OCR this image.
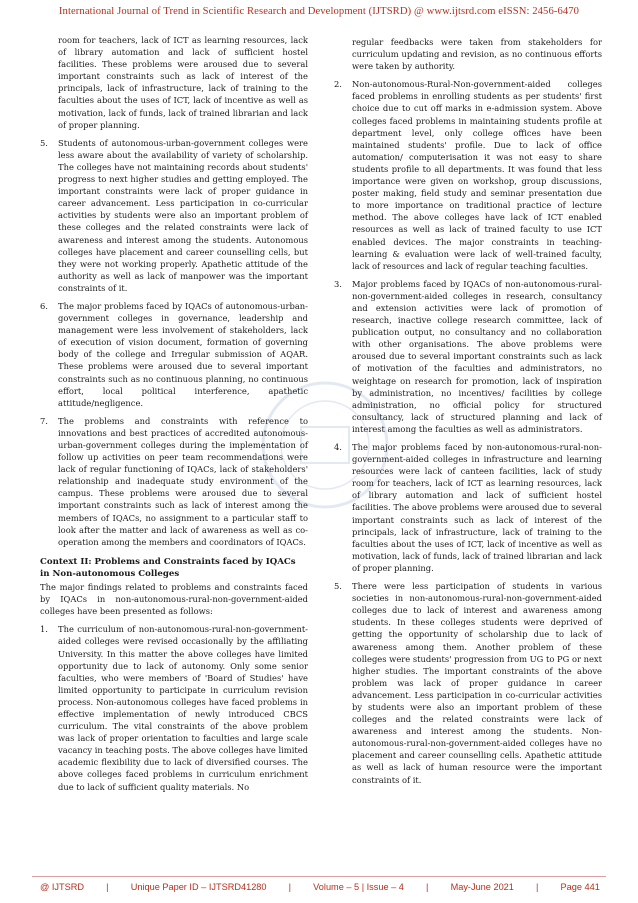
International Journal of Trend in Scientific Research and Development (IJTSRD) @ www.ijtsrd.com eISSN: 2456-6470

room for teachers, lack of ICT as learning resources, lack of library automation and lack of sufficient hostel facilities. These problems were aroused due to several important constraints such as lack of interest of the principals, lack of infrastructure, lack of training to the faculties about the uses of ICT, lack of incentive as well as motivation, lack of funds, lack of trained librarian and lack of proper planning.

5. Students of autonomous-urban-government colleges were less aware about the availability of variety of scholarship. The colleges have not maintaining records about students' progress to next higher studies and getting employed. The important constraints were lack of proper guidance in career advancement. Less participation in co-curricular activities by students were also an important problem of these colleges and the related constraints were lack of awareness and interest among the students. Autonomous colleges have placement and career counselling cells, but they were not working properly. Apathetic attitude of the authority as well as lack of manpower was the important constraints of it.
6. The major problems faced by IQACs of autonomous-urban-government colleges in governance, leadership and management were less involvement of stakeholders, lack of execution of vision document, formation of governing body of the college and Irregular submission of AQAR. These problems were aroused due to several important constraints such as no continuous planning, no continuous effort, local political interference, apathetic attitude/negligence.
7. The problems and constraints with reference to innovations and best practices of accredited autonomous-urban-government colleges during the implementation of follow up activities on peer team recommendations were lack of regular functioning of IQACs, lack of stakeholders' relationship and inadequate study environment of the campus. These problems were aroused due to several important constraints such as lack of interest among the members of IQACs, no assignment to a particular staff to look after the matter and lack of awareness as well as co-operation among the members and coordinators of IQACs.
Context II: Problems and Constraints faced by IQACs in Non-autonomous Colleges

The major findings related to problems and constraints faced by IQACs in non-autonomous-rural-non-government-aided colleges have been presented as follows:

1. The curriculum of non-autonomous-rural-non-government-aided colleges were revised occasionally by the affiliating University. In this matter the above colleges have limited opportunity due to lack of autonomy. Only some senior faculties, who were members of 'Board of Studies' have limited opportunity to participate in curriculum revision process. Non-autonomous colleges have faced problems in effective implementation of newly introduced CBCS curriculum. The vital constraints of the above problem was lack of proper orientation to faculties and large scale vacancy in teaching posts. The above colleges have limited academic flexibility due to lack of diversified courses. The above colleges faced problems in curriculum enrichment due to lack of sufficient quality materials. No

regular feedbacks were taken from stakeholders for curriculum updating and revision, as no continuous efforts were taken by authority.

2. Non-autonomous-Rural-Non-government-aided colleges faced problems in enrolling students as per students' first choice due to cut off marks in e-admission system. Above colleges faced problems in maintaining students profile at department level, only college offices have been maintained students' profile. Due to lack of office automation/ computerisation it was not easy to share students profile to all departments. It was found that less importance were given on workshop, group discussions, poster making, field study and seminar presentation due to more importance on traditional practice of lecture method. The above colleges have lack of ICT enabled resources as well as lack of trained faculty to use ICT enabled devices. The major constraints in teaching-learning & evaluation were lack of well-trained faculty, lack of resources and lack of regular teaching faculties.
3. Major problems faced by IQACs of non-autonomous-rural-non-government-aided colleges in research, consultancy and extension activities were lack of promotion of research, inactive college research committee, lack of publication output, no consultancy and no collaboration with other organisations. The above problems were aroused due to several important constraints such as lack of motivation of the faculties and administrators, no weightage on research for promotion, lack of inspiration by administration, no incentives/ facilities by college administration, no official policy for structured consultancy, lack of structured planning and lack of interest among the faculties as well as administrators.
4. The major problems faced by non-autonomous-rural-non-government-aided colleges in infrastructure and learning resources were lack of canteen facilities, lack of study room for teachers, lack of ICT as learning resources, lack of library automation and lack of sufficient hostel facilities. The above problems were aroused due to several important constraints such as lack of interest of the principals, lack of infrastructure, lack of training to the faculties about the uses of ICT, lack of incentive as well as motivation, lack of funds, lack of trained librarian and lack of proper planning.
5. There were less participation of students in various societies in non-autonomous-rural-non-government-aided colleges due to lack of interest and awareness among students. In these colleges students were deprived of getting the opportunity of scholarship due to lack of awareness among them. Another problem of these colleges were students' progression from UG to PG or next higher studies. The important constraints of the above problem was lack of proper guidance in career advancement. Less participation in co-curricular activities by students were also an important problem of these colleges and the related constraints were lack of awareness and interest among the students. Non-autonomous-rural-non-government-aided colleges have no placement and career counselling cells. Apathetic attitude as well as lack of human resource were the important constraints of it.
@ IJTSRD | Unique Paper ID – IJTSRD41280 | Volume – 5 | Issue – 4 | May-June 2021 | Page 441
